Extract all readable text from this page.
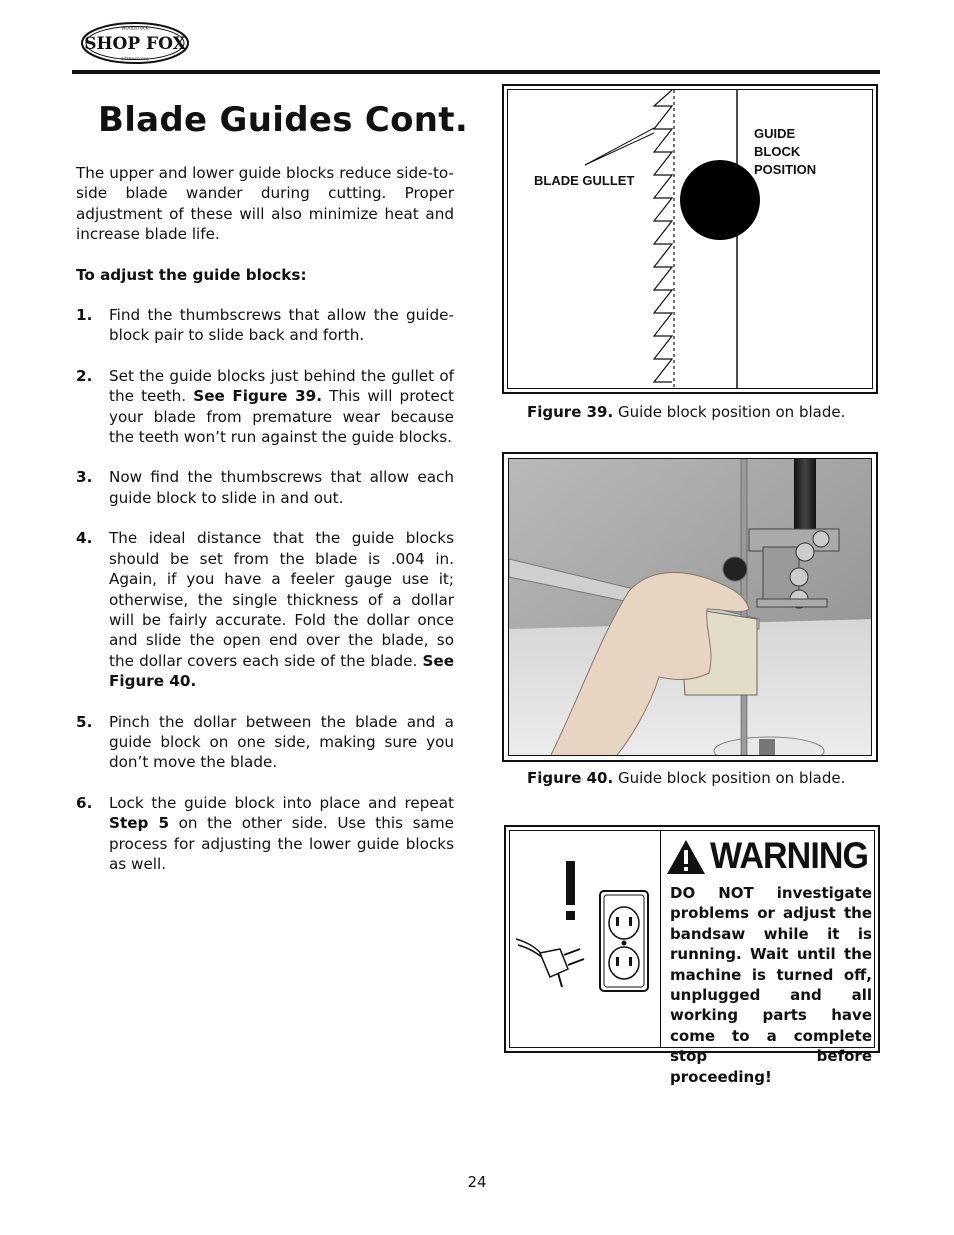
SHOP FOX
WOODSTOCK
INTERNATIONAL
Blade Guides Cont.

The upper and lower guide blocks reduce side-to-side blade wander during cutting. Proper adjustment of these will also minimize heat and increase blade life.

To adjust the guide blocks:

1.	Find the thumbscrews that allow the guide-block pair to slide back and forth.
2.	Set the guide blocks just behind the gullet of the teeth. See Figure 39. This will protect your blade from premature wear because the teeth won’t run against the guide blocks.
3.	Now find the thumbscrews that allow each guide block to slide in and out.
4.	The ideal distance that the guide blocks should be set from the blade is .004 in. Again, if you have a feeler gauge use it; otherwise, the single thickness of a dollar will be fairly accurate. Fold the dollar once and slide the open end over the blade, so the dollar covers each side of the blade. See Figure 40.
5.	Pinch the dollar between the blade and a guide block on one side, making sure you don’t move the blade.
6.	Lock the guide block into place and repeat Step 5 on the other side. Use this same process for adjusting the lower guide blocks as well.
BLADE GULLET
GUIDE
BLOCK
POSITION
Figure 39. Guide block position on blade.
Figure 40. Guide block position on blade.
WARNING
DO NOT investigate problems or adjust the bandsaw while it is running. Wait until the machine is turned off, unplugged and all working parts have come to a complete stop before proceeding!
24
